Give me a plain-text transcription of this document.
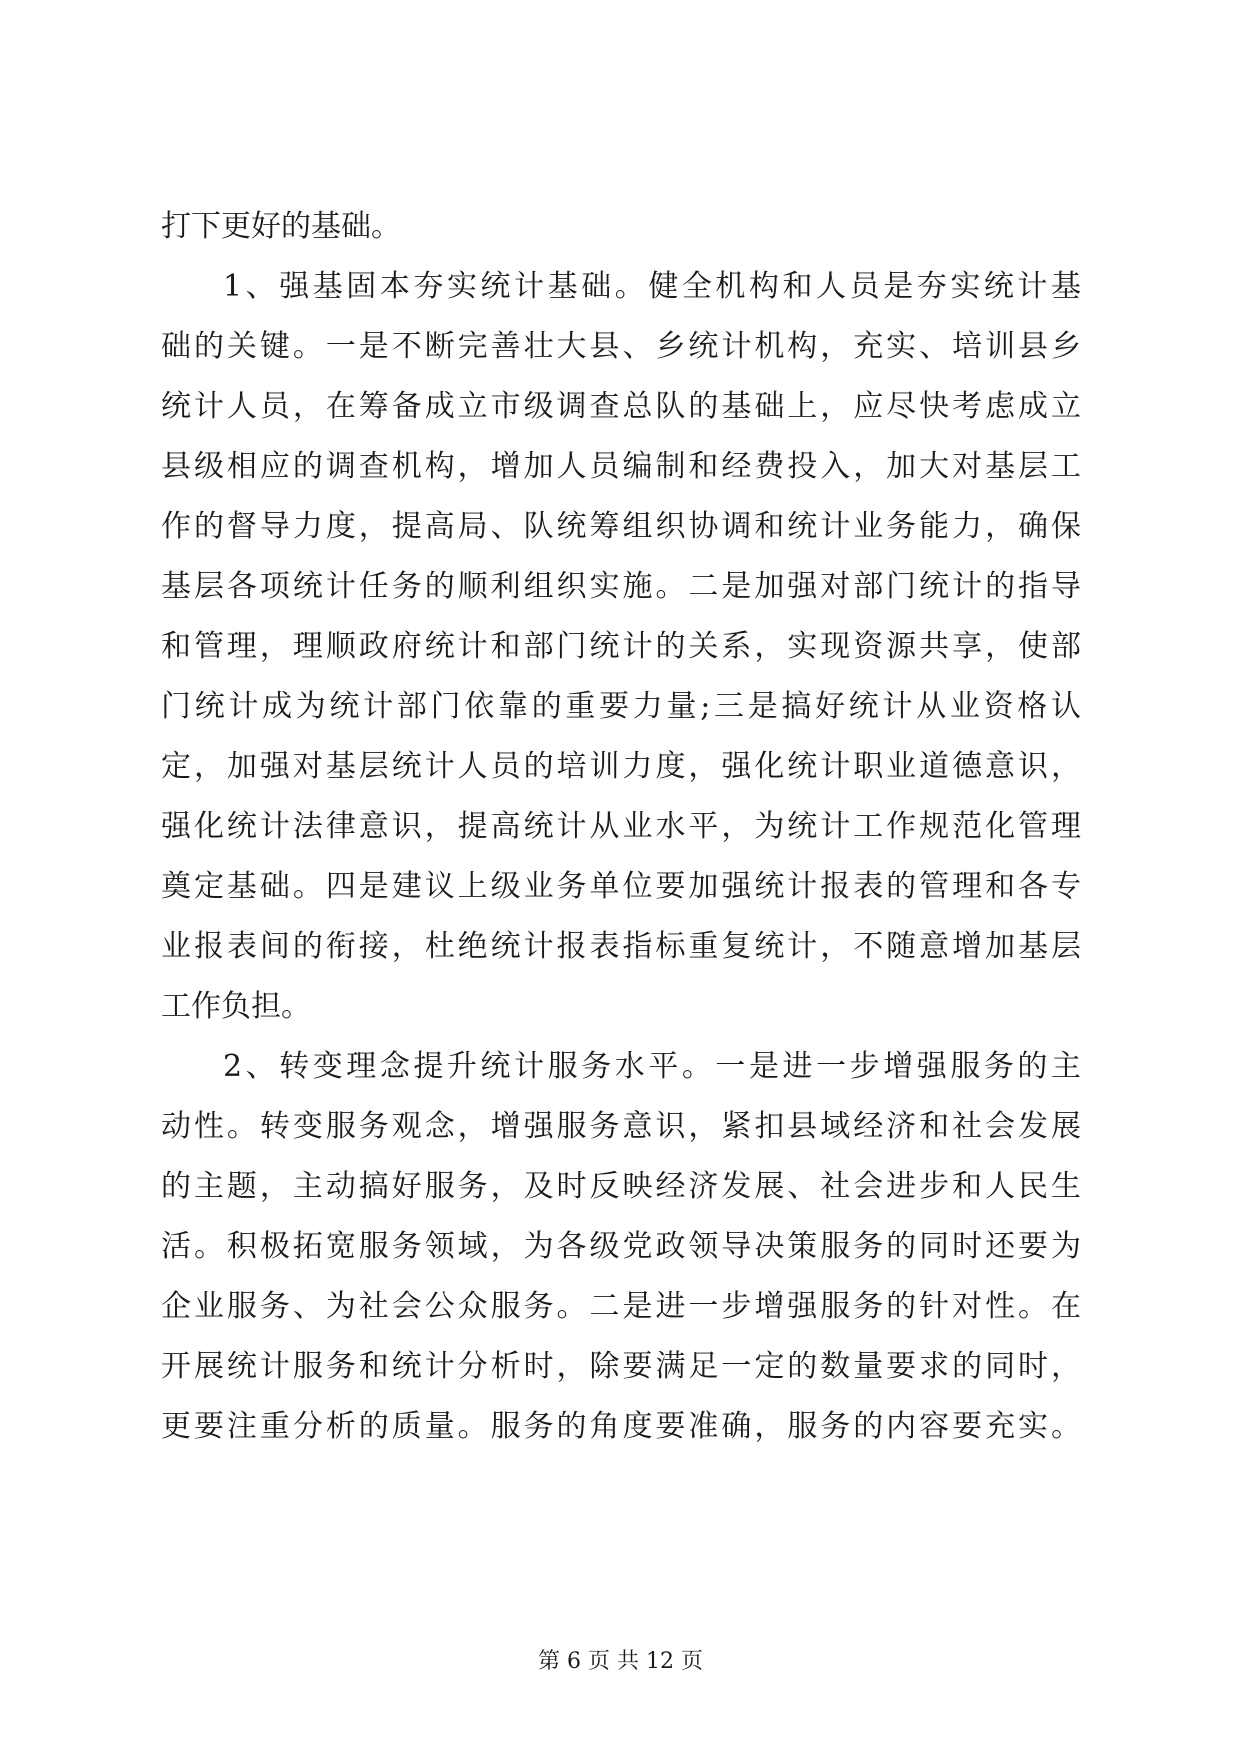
打下更好的基础。
1、强基固本夯实统计基础。健全机构和人员是夯实统计基
础的关键。一是不断完善壮大县、乡统计机构，充实、培训县乡
统计人员，在筹备成立市级调查总队的基础上，应尽快考虑成立
县级相应的调查机构，增加人员编制和经费投入，加大对基层工
作的督导力度，提高局、队统筹组织协调和统计业务能力，确保
基层各项统计任务的顺利组织实施。二是加强对部门统计的指导
和管理，理顺政府统计和部门统计的关系，实现资源共享，使部
门统计成为统计部门依靠的重要力量;三是搞好统计从业资格认
定，加强对基层统计人员的培训力度，强化统计职业道德意识，
强化统计法律意识，提高统计从业水平，为统计工作规范化管理
奠定基础。四是建议上级业务单位要加强统计报表的管理和各专
业报表间的衔接，杜绝统计报表指标重复统计，不随意增加基层
工作负担。
2、转变理念提升统计服务水平。一是进一步增强服务的主
动性。转变服务观念，增强服务意识，紧扣县域经济和社会发展
的主题，主动搞好服务，及时反映经济发展、社会进步和人民生
活。积极拓宽服务领域，为各级党政领导决策服务的同时还要为
企业服务、为社会公众服务。二是进一步增强服务的针对性。在
开展统计服务和统计分析时，除要满足一定的数量要求的同时，
更要注重分析的质量。服务的角度要准确，服务的内容要充实。
第 6 页 共 12 页
